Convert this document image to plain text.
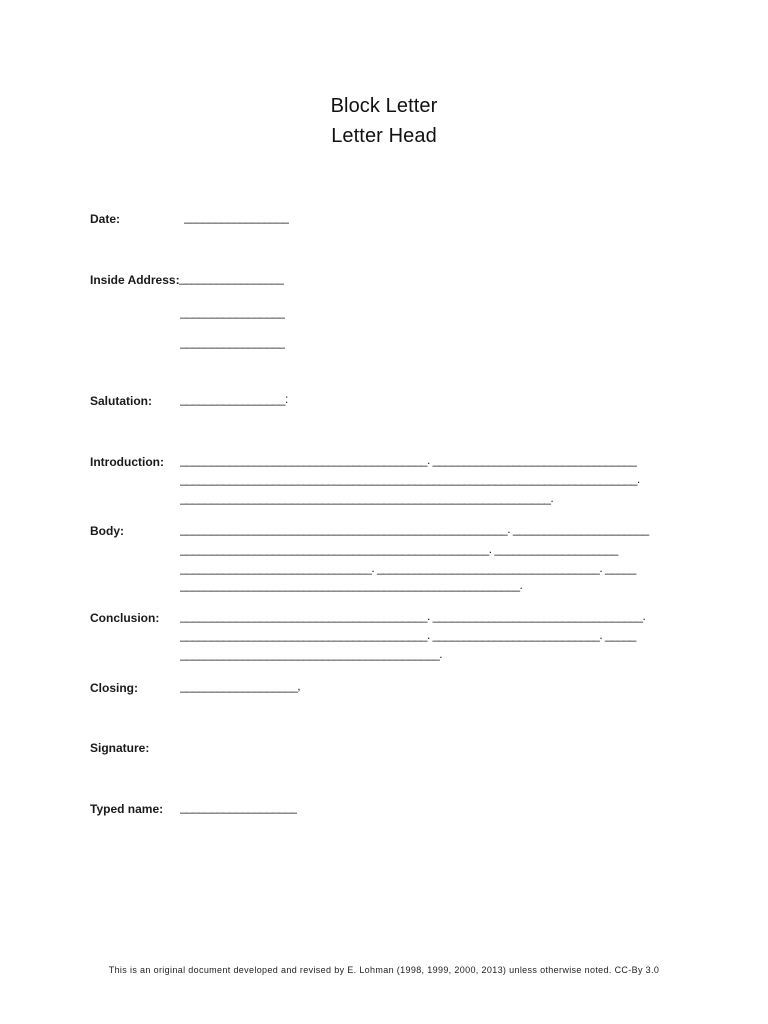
Block Letter
Letter Head
Date:	_________________
Inside Address: _________________
_________________
_________________
Salutation: _________________:
Introduction: ________________________________________. _________________________________
__________________________________________________________________________.
____________________________________________________________.
Body:	_____________________________________________________. ______________________
__________________________________________________. ____________________
_______________________________. ____________________________________. _____
_______________________________________________________.
Conclusion: ________________________________________. __________________________________.
________________________________________. ___________________________. _____
__________________________________________.
Closing:	___________________,
Signature:
Typed name: ___________________
This is an original document developed and revised by E. Lohman (1998, 1999, 2000, 2013) unless otherwise noted. CC-By 3.0
